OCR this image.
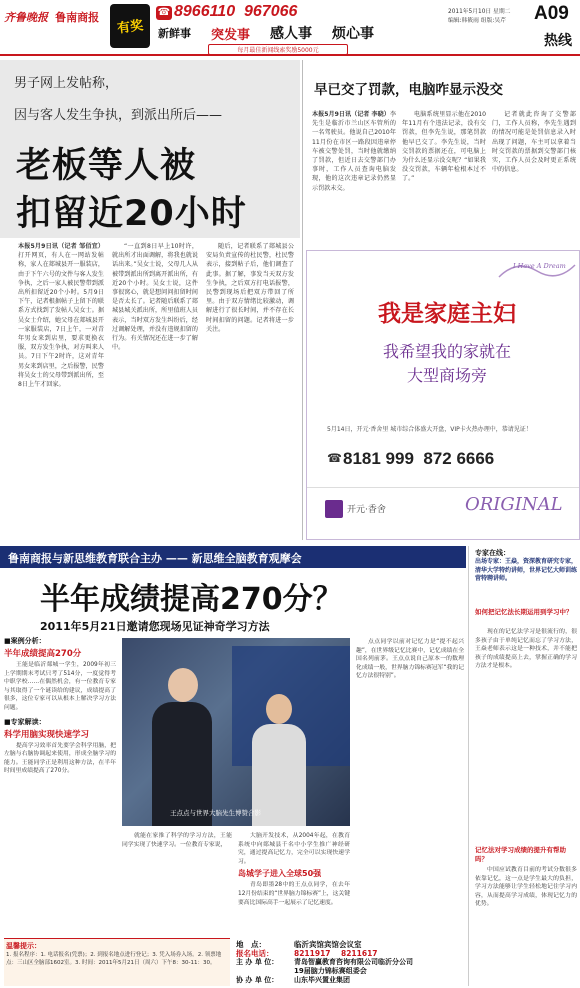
齐鲁晚报 鲁南商报
有奖
☎ 8966110  967066
新鲜事 突发事 感人事 烦心事
每月最佳新闻线索奖励5000元
2011年5月10日 星期二
编辑:韩筱雨 组版:吴芹	A09
热线
男子网上发帖称，
因与客人发生争执，到派出所后——
老板等人被
扣留近20小时

本报5月9日讯（记者 邹佰宜）打开网页，有人在一网站发帖称，家人在郯城县开一服装店，由于下午六号的文件与客人发生争执，之后一家人被民警带到派出所扣留近20个小时。5月9日下午，记者根据帖子上留下的联系方式找到了发帖人吴女士。据吴女士介绍，她父母在郯城县开一家服装店，7日上午，一对青年男女来到店里，要求更换衣服，双方发生争执，对方叫来人员。7日下午2时许，这对青年男女来到店里，之后报警，民警将吴女士的父母带到派出所，至8日上午才回家。

“一直到8日早上10时许，就出所才出面调解，将我也就说话出来。”吴女士说，父母几人从被带到派出所到离开派出所，有近20个小时。吴女士说，这件事很窝心，就是想问问扣留时间是否太长了。记者随后联系了郯城县城关派出所，所里值班人员表示，当时双方发生纠纷后，经过调解处理，并没有违规扣留的行为。有关情况还在进一步了解中。

随后，记者联系了郯城县公安局负责宣传的杜民警，杜民警表示，接到帖子后，他们调查了此事。据了解，事发当天双方发生争执，之后双方打电话报警，民警到现场后把双方带回了所里。由于双方情绪比较激动，调解进行了很长时间，并不存在长时间扣留的问题。记者将进一步关注。

早已交了罚款，电脑咋显示没交

本报5月9日讯（记者 李晓）李先生是临沂市兰山区车管所的一名驾驶员。他说自己2010年11月份在市区一路段因违章停车被交警处罚，当时他就缴纳了罚款，但近日去交警部门办事时，工作人员查询电脑发现，他的这次违章记录仍然显示罚款未交。

电脑系统里显示他在2010年11月有个违法记录，没有交罚款，但李先生说，那笔罚款他早已交了。李先生说，当时交罚款的票据还在，可电脑上为什么还显示没交呢？“如果我没交罚款，车辆年检根本过不了。”

记者就此咨询了交警部门，工作人员称，李先生遇到的情况可能是处罚信息录入时出现了问题，车主可以拿着当时交罚款的票据到交警部门核实，工作人员会及时更正系统中的信息。

I Have A Dream
我是家庭主妇
我希望我的家就在
大型商场旁
5月14日，开元·香舍里 城市综合体盛大开盘，VIP卡火热办理中，恭请见证！
☎ 8181 999  872 6666
开元·香舍	ORIGINAL
鲁南商报与新思维教育联合主办 —— 新思维全脑教育观摩会
半年成绩提高270分？
2011年5月21日邀请您现场见证神奇学习方法
■案例分析：
半年成绩提高270分

王能是临沂郯城一学生，2009年初三上学期期末考试只考了514分，一度觉得考中职学校……在偶然机会，有一位教育专家与其取得了一个谜读给的建议，成绩提高了很多，这位专家可以从根本上解决学习方法问题。

■专家解读：
科学用脑实现快速学习

提高学习效率首先要学会科学用脑，把左脑与右脑协调起来使用，形成全脑学习的能力。王能同学正是利用这种方法，在半年时间里成绩提高了270分。

王点点与世界大脑先生博赞合影

就能在家推了科学的学习方法，王能同学实现了快速学习。一位教育专家说，

大脑开发技术，从2004年起，在教育系统中向郯城县千名中小学生推广神经研究，通过提高记忆力，完全可以实现快速学习。

岛城学子进入全球50强

青岛即墨28中的王点点同学，在去年12月份结束的“世界脑力锦标赛”上，这关键要高比国际高手一起展示了记忆速度。

点点同学以前对记忆力是“提不起兴趣”，在世界级记忆比赛中，记忆成绩在全国名列前茅。王点点说自己原本一的数理化成绩一般，世界脑力锦标赛冠军“我的记忆方法很特别”。

温馨提示：

1. 报名程序：1. 电话报名(凭票)；2. 到报名地点进行登记；3. 凭入场券入场。2. 领票地点：三山区全脑部1602室。3. 时间：2011年5月21日（周六）下午8：30-11：30。

地　点：	临沂宾馆宾馆会议室
报名电话：	8211917    8211617
主 办 单 位：	青岛智赢教育咨询有限公司临沂分公司
19届脑力锦标赛组委会
协 办 单 位：	山东毕兴置业集团
专家在线：

出场专家：王焱，资深教育研究专家，清华大学特约讲师，世界记忆大师训练营特聘讲师。

如何把记忆法长期运用到学习中？

现在的记忆法学习是很流行的，很多孩子由于单纯记忆而忘了学习方法，王焱老师表示这是一种技术，并不能把孩子的成绩提高上去，掌握正确的学习方法才是根本。

记忆法对学习成绩的提升有帮助吗？

中国应试教育目前的考试分数很多依靠记忆，这一点是学生最大的负担，学习方法能够让学生轻松地记住学习内容，从而提高学习成绩，体现记忆力的优势。
